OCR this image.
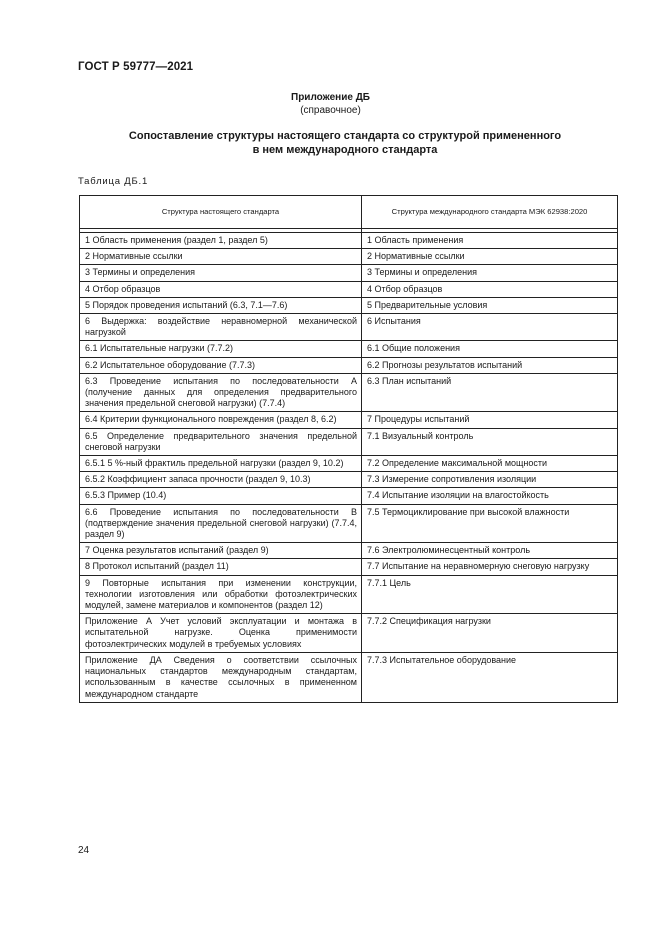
ГОСТ Р 59777—2021
Приложение ДБ
(справочное)
Сопоставление структуры настоящего стандарта со структурой примененного
в нем международного стандарта
Таблица ДБ.1
Структура настоящего стандарта	Структура международного стандарта МЭК 62938:2020

1 Область применения (раздел 1, раздел 5)	1 Область применения
2 Нормативные ссылки	2 Нормативные ссылки
3 Термины и определения	3 Термины и определения
4 Отбор образцов	4 Отбор образцов
5 Порядок проведения испытаний (6.3, 7.1—7.6)	5 Предварительные условия
6 Выдержка: воздействие неравномерной механической нагрузкой	6 Испытания
6.1 Испытательные нагрузки (7.7.2)	6.1 Общие положения
6.2 Испытательное оборудование (7.7.3)	6.2 Прогнозы результатов испытаний
6.3 Проведение испытания по последовательности А (получение данных для определения предварительного значения предельной снеговой нагрузки) (7.7.4)	6.3 План испытаний
6.4 Критерии функционального повреждения (раздел 8, 6.2)	7 Процедуры испытаний
6.5 Определение предварительного значения предельной снеговой нагрузки	7.1 Визуальный контроль
6.5.1 5 %-ный фрактиль предельной нагрузки (раздел 9, 10.2)	7.2 Определение максимальной мощности
6.5.2 Коэффициент запаса прочности (раздел 9, 10.3)	7.3 Измерение сопротивления изоляции
6.5.3 Пример (10.4)	7.4 Испытание изоляции на влагостойкость
6.6 Проведение испытания по последовательности В (подтверждение значения предельной снеговой нагрузки) (7.7.4, раздел 9)	7.5 Термоциклирование при высокой влажности
7 Оценка результатов испытаний (раздел 9)	7.6 Электролюминесцентный контроль
8 Протокол испытаний (раздел 11)	7.7 Испытание на неравномерную снеговую нагрузку
9 Повторные испытания при изменении конструкции, технологии изготовления или обработки фотоэлектрических модулей, замене материалов и компонентов (раздел 12)	7.7.1 Цель
Приложение А Учет условий эксплуатации и монтажа в испытательной нагрузке. Оценка применимости фотоэлектрических модулей в требуемых условиях	7.7.2 Спецификация нагрузки
Приложение ДА Сведения о соответствии ссылочных национальных стандартов международным стандартам, использованным в качестве ссылочных в примененном международном стандарте	7.7.3 Испытательное оборудование
24
